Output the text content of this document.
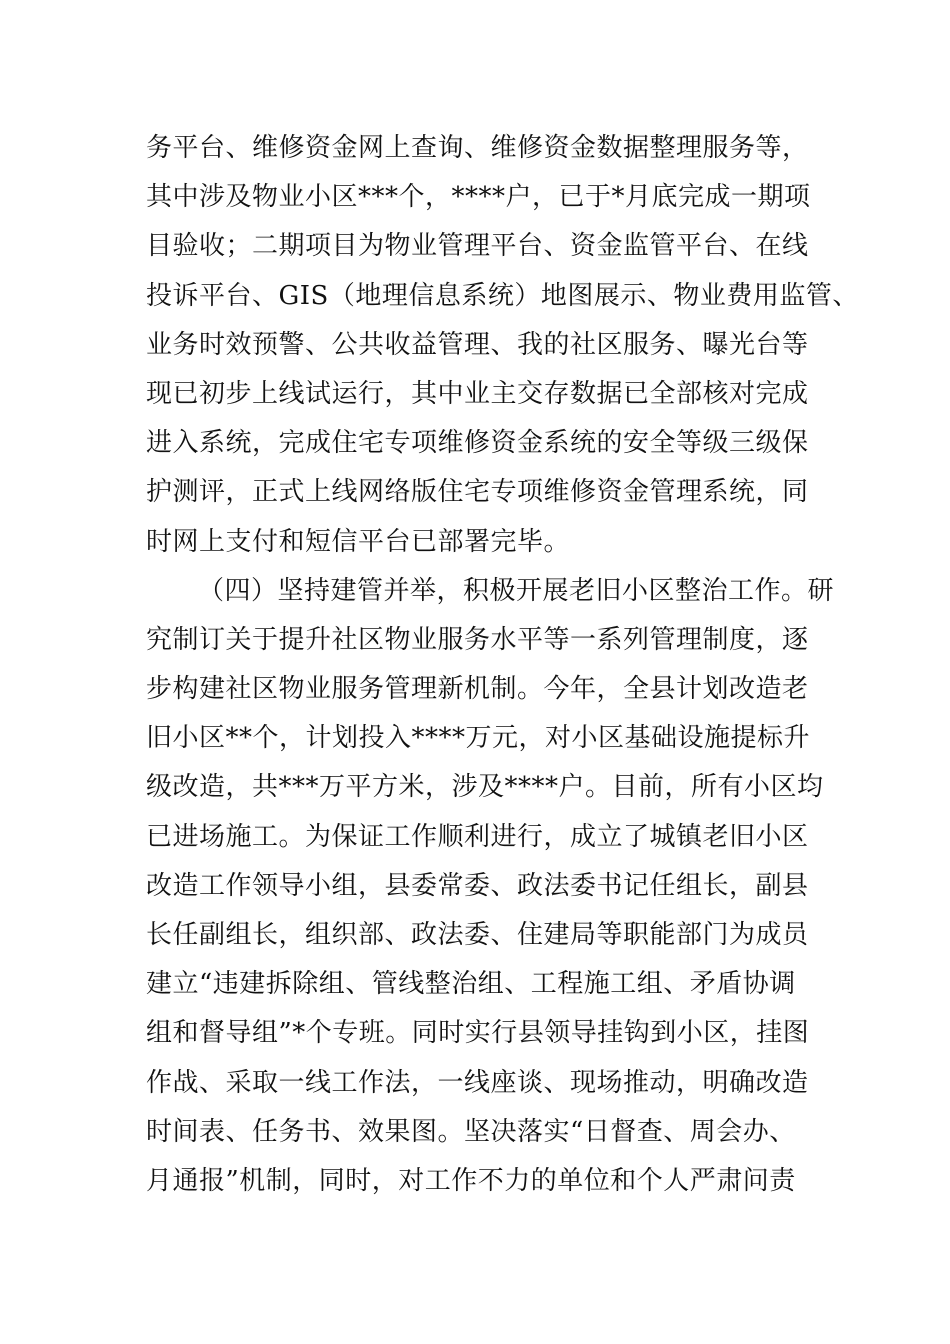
务平台、维修资金网上查询、维修资金数据整理服务等，
其中涉及物业小区***个，****户，已于*月底完成一期项
目验收；二期项目为物业管理平台、资金监管平台、在线
投诉平台、GIS（地理信息系统）地图展示、物业费用监管、
业务时效预警、公共收益管理、我的社区服务、曝光台等
现已初步上线试运行，其中业主交存数据已全部核对完成
进入系统，完成住宅专项维修资金系统的安全等级三级保
护测评，正式上线网络版住宅专项维修资金管理系统，同
时网上支付和短信平台已部署完毕。
（四）坚持建管并举，积极开展老旧小区整治工作。研
究制订关于提升社区物业服务水平等一系列管理制度，逐
步构建社区物业服务管理新机制。今年，全县计划改造老
旧小区**个，计划投入****万元，对小区基础设施提标升
级改造，共***万平方米，涉及****户。目前，所有小区均
已进场施工。为保证工作顺利进行，成立了城镇老旧小区
改造工作领导小组，县委常委、政法委书记任组长，副县
长任副组长，组织部、政法委、住建局等职能部门为成员
建立“违建拆除组、管线整治组、工程施工组、矛盾协调
组和督导组”*个专班。同时实行县领导挂钩到小区，挂图
作战、采取一线工作法，一线座谈、现场推动，明确改造
时间表、任务书、效果图。坚决落实“日督查、周会办、
月通报”机制，同时，对工作不力的单位和个人严肃问责
